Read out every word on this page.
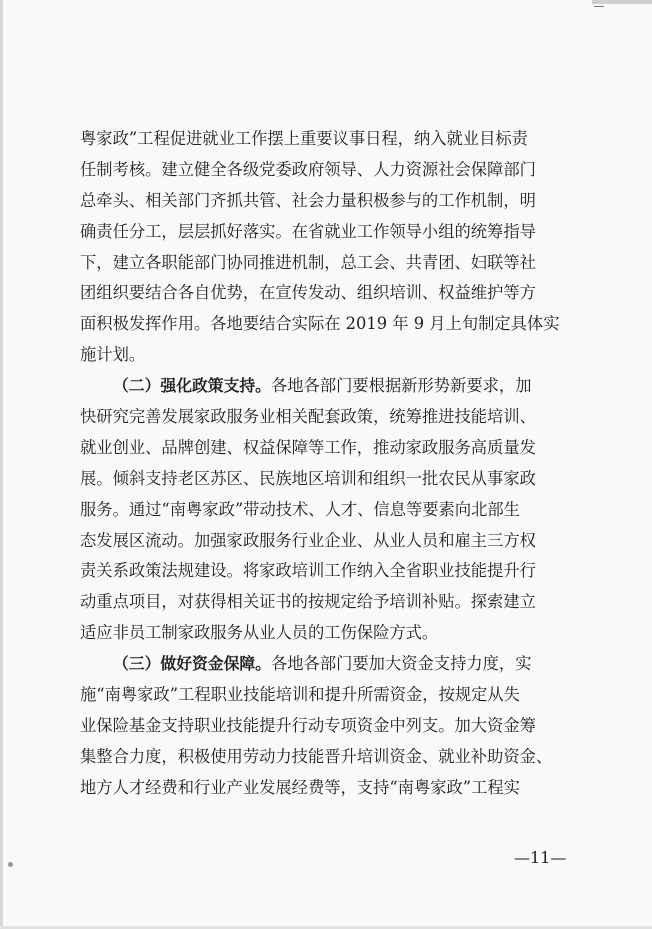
粤家政”工程促进就业工作摆上重要议事日程，纳入就业目标责
任制考核。建立健全各级党委政府领导、人力资源社会保障部门
总牵头、相关部门齐抓共管、社会力量积极参与的工作机制，明
确责任分工，层层抓好落实。在省就业工作领导小组的统筹指导
下，建立各职能部门协同推进机制，总工会、共青团、妇联等社
团组织要结合各自优势，在宣传发动、组织培训、权益维护等方
面积极发挥作用。各地要结合实际在 2019 年 9 月上旬制定具体实
施计划。
（二）强化政策支持。各地各部门要根据新形势新要求，加
快研究完善发展家政服务业相关配套政策，统筹推进技能培训、
就业创业、品牌创建、权益保障等工作，推动家政服务高质量发
展。倾斜支持老区苏区、民族地区培训和组织一批农民从事家政
服务。通过“南粤家政”带动技术、人才、信息等要素向北部生
态发展区流动。加强家政服务行业企业、从业人员和雇主三方权
责关系政策法规建设。将家政培训工作纳入全省职业技能提升行
动重点项目，对获得相关证书的按规定给予培训补贴。探索建立
适应非员工制家政服务从业人员的工伤保险方式。
（三）做好资金保障。各地各部门要加大资金支持力度，实
施“南粤家政”工程职业技能培训和提升所需资金，按规定从失
业保险基金支持职业技能提升行动专项资金中列支。加大资金筹
集整合力度，积极使用劳动力技能晋升培训资金、就业补助资金、
地方人才经费和行业产业发展经费等，支持“南粤家政”工程实
—11—
